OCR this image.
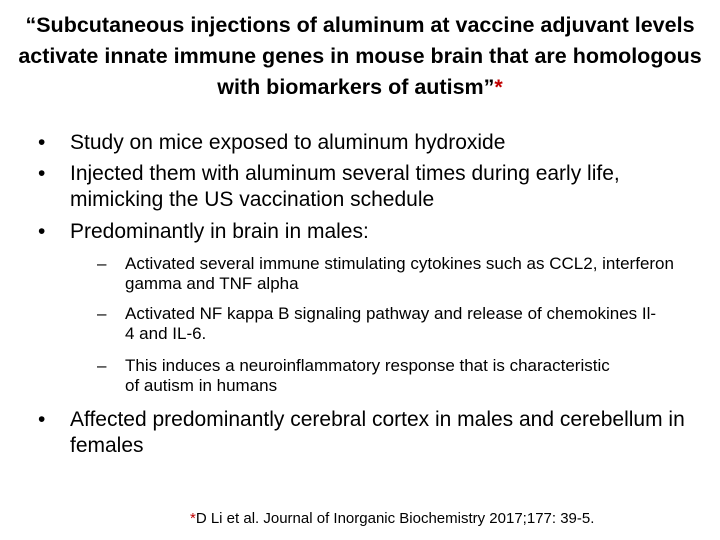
“Subcutaneous injections of aluminum at vaccine adjuvant levels activate innate immune genes in mouse brain that are homologous with biomarkers of autism”*
• Study on mice exposed to aluminum hydroxide
• Injected them with aluminum several times during early life, mimicking the US vaccination schedule
• Predominantly in brain in males:
– Activated several immune stimulating cytokines such as CCL2, interferon gamma and TNF alpha
– Activated NF kappa B signaling pathway and release of chemokines Il-4 and IL-6.
– This induces a neuroinflammatory response that is characteristic of autism in humans
• Affected predominantly cerebral cortex in males and cerebellum in females
*D Li et al. Journal of Inorganic Biochemistry 2017;177: 39-5.
